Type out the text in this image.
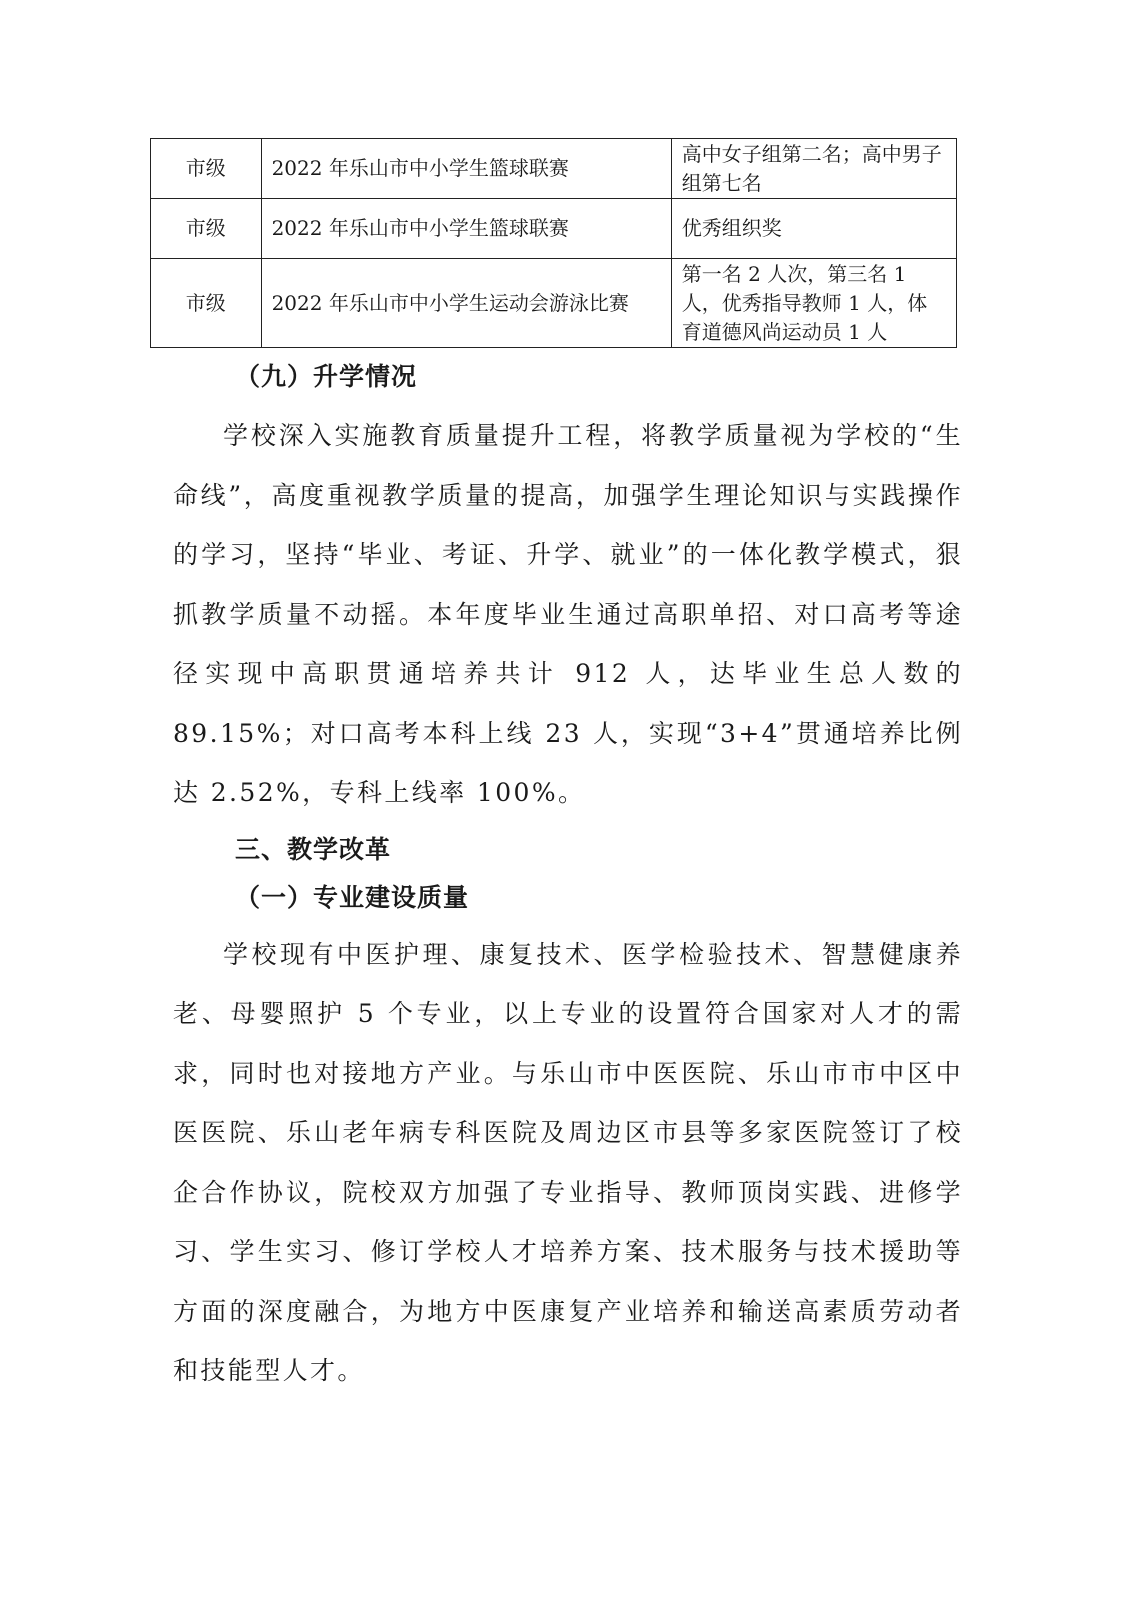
市级	2022 年乐山市中小学生篮球联赛	高中女子组第二名；高中男子组第七名
市级	2022 年乐山市中小学生篮球联赛	优秀组织奖
市级	2022 年乐山市中小学生运动会游泳比赛	第一名 2 人次，第三名 1 人，优秀指导教师 1 人，体育道德风尚运动员 1 人
（九）升学情况

学校深入实施教育质量提升工程，将教学质量视为学校的“生命线”，高度重视教学质量的提高，加强学生理论知识与实践操作的学习，坚持“毕业、考证、升学、就业”的一体化教学模式，狠抓教学质量不动摇。本年度毕业生通过高职单招、对口高考等途径实现中高职贯通培养共计 912 人，达毕业生总人数的 89.15%；对口高考本科上线 23 人，实现“3+4”贯通培养比例达 2.52%，专科上线率 100%。

三、教学改革
（一）专业建设质量

学校现有中医护理、康复技术、医学检验技术、智慧健康养老、母婴照护 5 个专业，以上专业的设置符合国家对人才的需求，同时也对接地方产业。与乐山市中医医院、乐山市市中区中医医院、乐山老年病专科医院及周边区市县等多家医院签订了校企合作协议，院校双方加强了专业指导、教师顶岗实践、进修学习、学生实习、修订学校人才培养方案、技术服务与技术援助等方面的深度融合，为地方中医康复产业培养和输送高素质劳动者和技能型人才。
